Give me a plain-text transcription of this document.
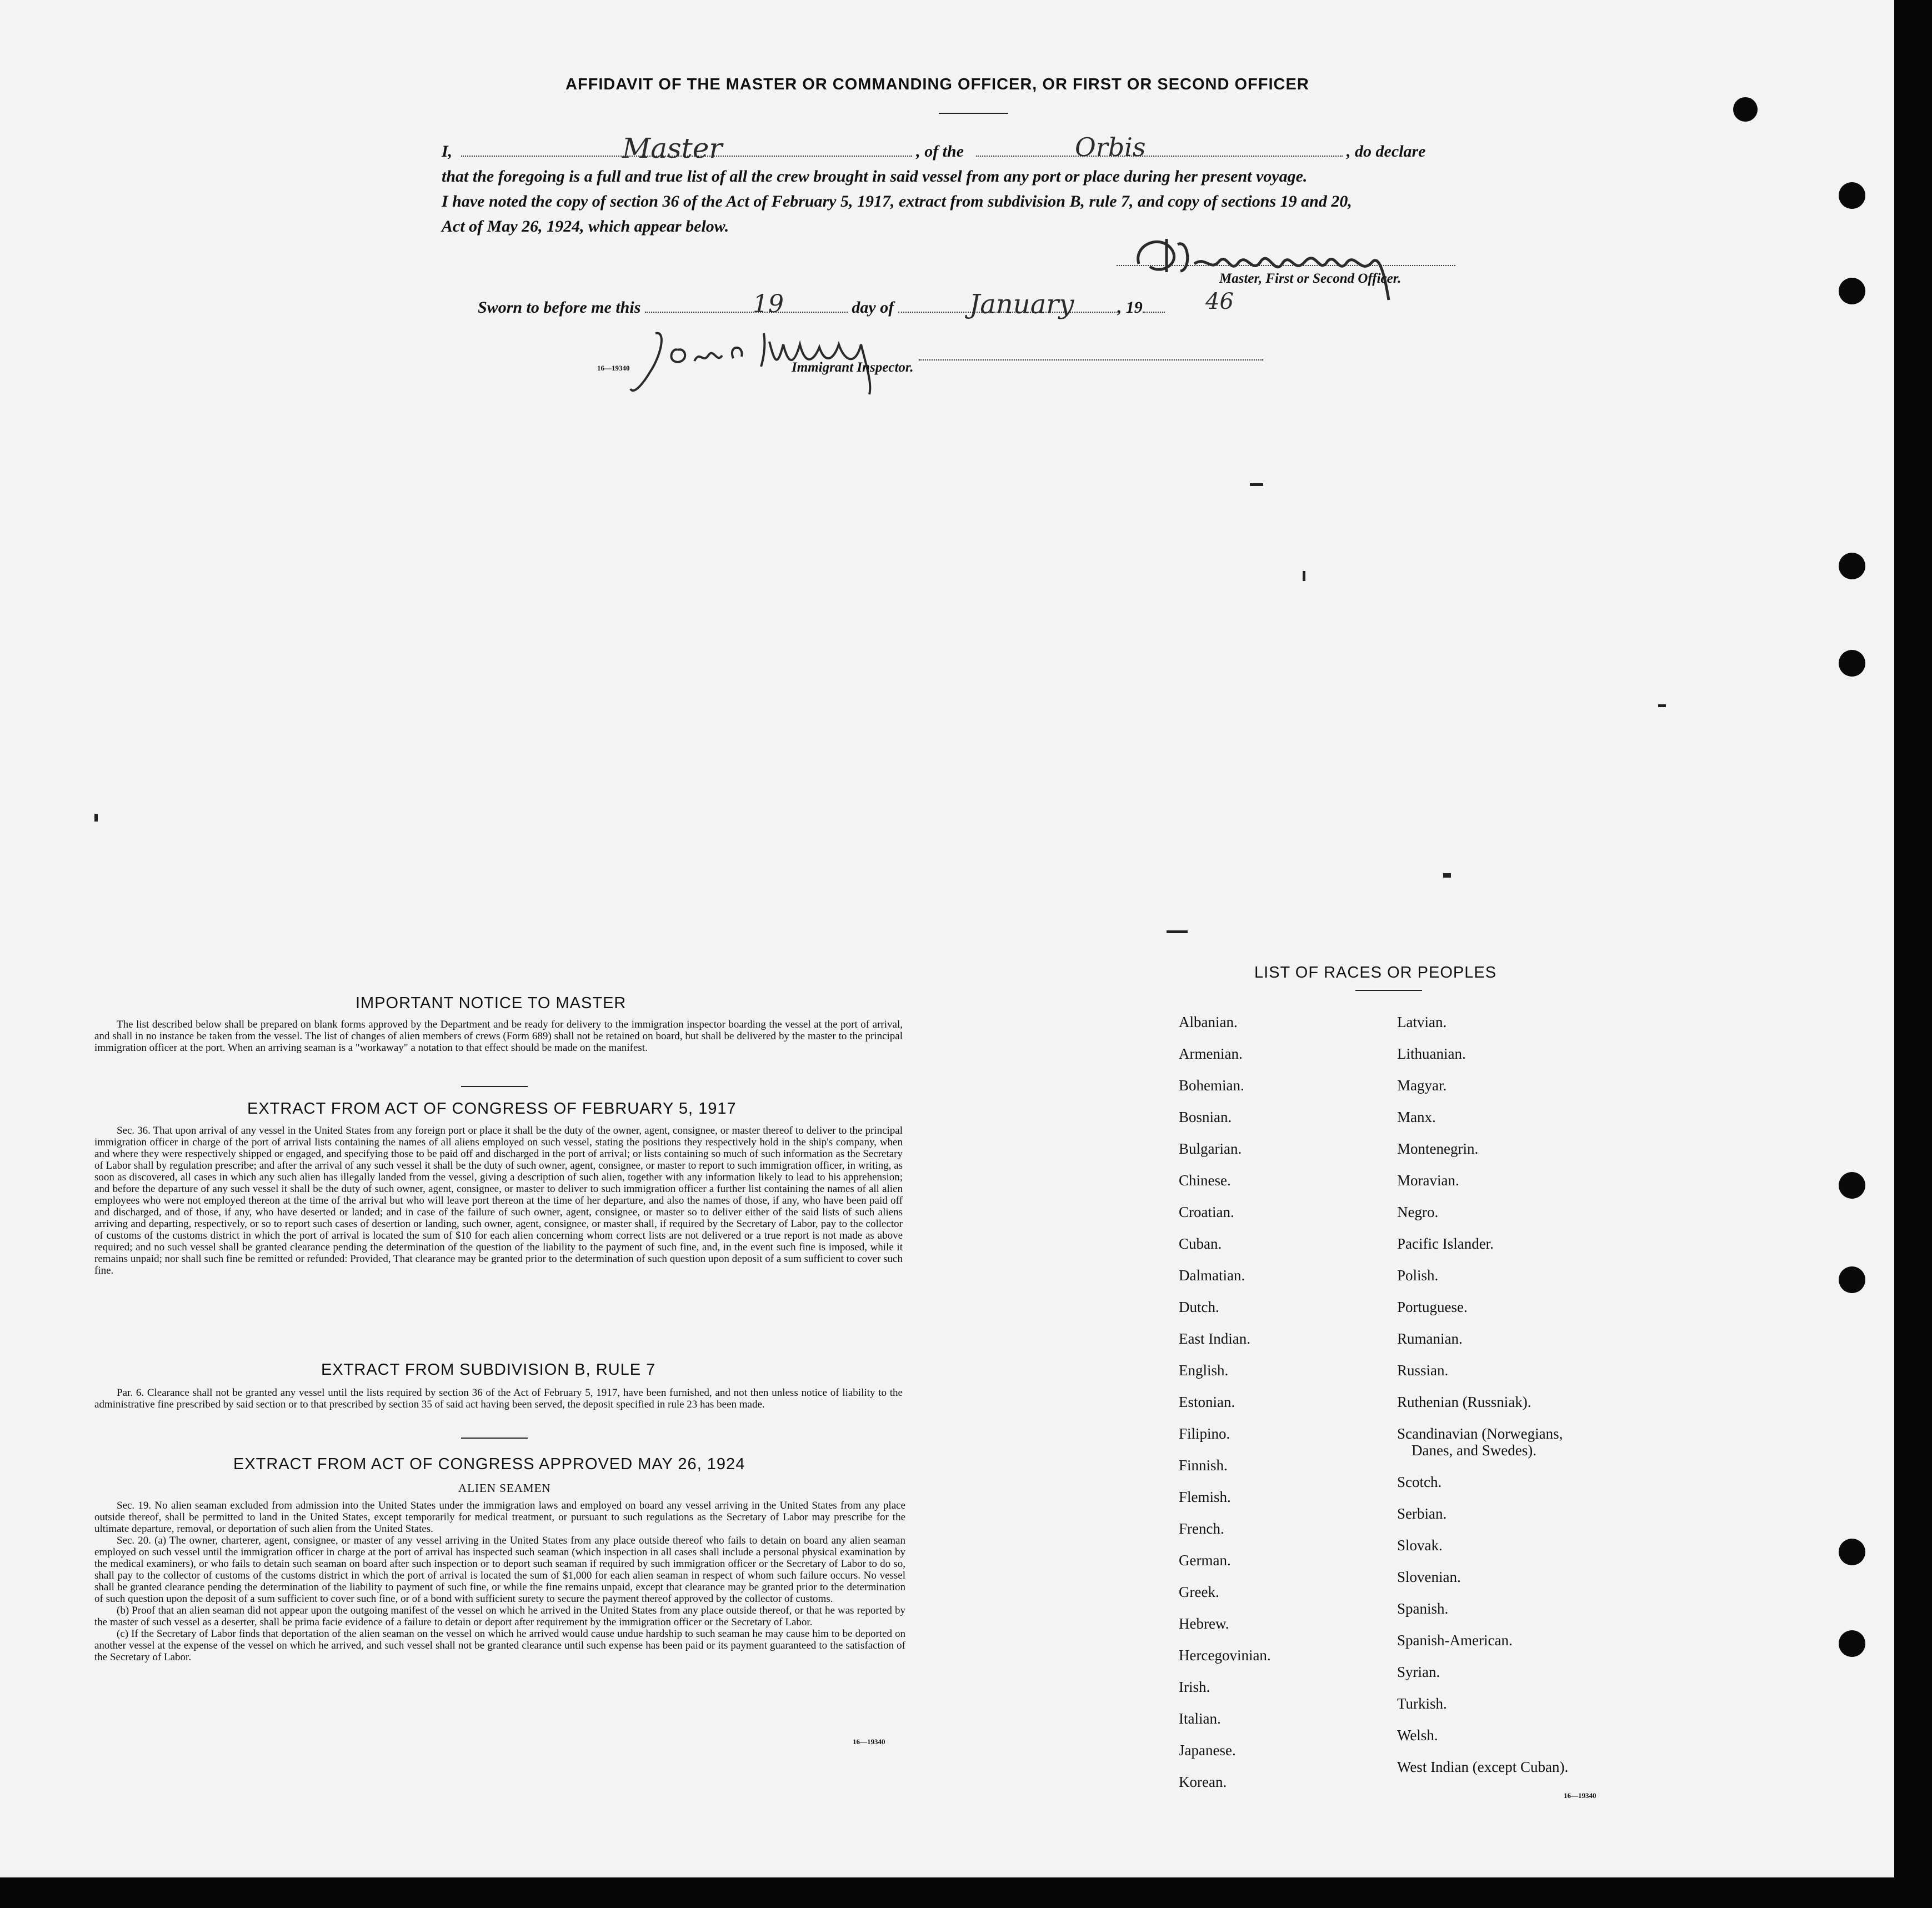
AFFIDAVIT OF THE MASTER OR COMMANDING OFFICER, OR FIRST OR SECOND OFFICER
I,	, of the	, do declare
that the foregoing is a full and true list of all the crew brought in said vessel from any port or place during her present voyage.
I have noted the copy of section 36 of the Act of February 5, 1917, extract from subdivision B, rule 7, and copy of sections 19 and 20,
Act of May 26, 1924, which appear below.
Master	Orbis

Master, First or Second Officer.
Sworn to before me this	day of	, 19
19	January	46
16—19340	Immigrant Inspector.
IMPORTANT NOTICE TO MASTER

The list described below shall be prepared on blank forms approved by the Department and be ready for delivery to the immigration inspector boarding the vessel at the port of arrival, and shall in no instance be taken from the vessel. The list of changes of alien members of crews (Form 689) shall not be retained on board, but shall be delivered by the master to the principal immigration officer at the port. When an arriving seaman is a "workaway" a notation to that effect should be made on the manifest.

EXTRACT FROM ACT OF CONGRESS OF FEBRUARY 5, 1917

Sec. 36. That upon arrival of any vessel in the United States from any foreign port or place it shall be the duty of the owner, agent, consignee, or master thereof to deliver to the principal immigration officer in charge of the port of arrival lists containing the names of all aliens employed on such vessel, stating the positions they respectively hold in the ship's company, when and where they were respectively shipped or engaged, and specifying those to be paid off and discharged in the port of arrival; or lists containing so much of such information as the Secretary of Labor shall by regulation prescribe; and after the arrival of any such vessel it shall be the duty of such owner, agent, consignee, or master to report to such immigration officer, in writing, as soon as discovered, all cases in which any such alien has illegally landed from the vessel, giving a description of such alien, together with any information likely to lead to his apprehension; and before the departure of any such vessel it shall be the duty of such owner, agent, consignee, or master to deliver to such immigration officer a further list containing the names of all alien employees who were not employed thereon at the time of the arrival but who will leave port thereon at the time of her departure, and also the names of those, if any, who have been paid off and discharged, and of those, if any, who have deserted or landed; and in case of the failure of such owner, agent, consignee, or master so to deliver either of the said lists of such aliens arriving and departing, respectively, or so to report such cases of desertion or landing, such owner, agent, consignee, or master shall, if required by the Secretary of Labor, pay to the collector of customs of the customs district in which the port of arrival is located the sum of $10 for each alien concerning whom correct lists are not delivered or a true report is not made as above required; and no such vessel shall be granted clearance pending the determination of the question of the liability to the payment of such fine, and, in the event such fine is imposed, while it remains unpaid; nor shall such fine be remitted or refunded: Provided, That clearance may be granted prior to the determination of such question upon deposit of a sum sufficient to cover such fine.

EXTRACT FROM SUBDIVISION B, RULE 7

Par. 6. Clearance shall not be granted any vessel until the lists required by section 36 of the Act of February 5, 1917, have been furnished, and not then unless notice of liability to the administrative fine prescribed by said section or to that prescribed by section 35 of said act having been served, the deposit specified in rule 23 has been made.

EXTRACT FROM ACT OF CONGRESS APPROVED MAY 26, 1924
ALIEN SEAMEN

Sec. 19. No alien seaman excluded from admission into the United States under the immigration laws and employed on board any vessel arriving in the United States from any place outside thereof, shall be permitted to land in the United States, except temporarily for medical treatment, or pursuant to such regulations as the Secretary of Labor may prescribe for the ultimate departure, removal, or deportation of such alien from the United States.

Sec. 20. (a) The owner, charterer, agent, consignee, or master of any vessel arriving in the United States from any place outside thereof who fails to detain on board any alien seaman employed on such vessel until the immigration officer in charge at the port of arrival has inspected such seaman (which inspection in all cases shall include a personal physical examination by the medical examiners), or who fails to detain such seaman on board after such inspection or to deport such seaman if required by such immigration officer or the Secretary of Labor to do so, shall pay to the collector of customs of the customs district in which the port of arrival is located the sum of $1,000 for each alien seaman in respect of whom such failure occurs. No vessel shall be granted clearance pending the determination of the liability to payment of such fine, or while the fine remains unpaid, except that clearance may be granted prior to the determination of such question upon the deposit of a sum sufficient to cover such fine, or of a bond with sufficient surety to secure the payment thereof approved by the collector of customs.

(b) Proof that an alien seaman did not appear upon the outgoing manifest of the vessel on which he arrived in the United States from any place outside thereof, or that he was reported by the master of such vessel as a deserter, shall be prima facie evidence of a failure to detain or deport after requirement by the immigration officer or the Secretary of Labor.

(c) If the Secretary of Labor finds that deportation of the alien seaman on the vessel on which he arrived would cause undue hardship to such seaman he may cause him to be deported on another vessel at the expense of the vessel on which he arrived, and such vessel shall not be granted clearance until such expense has been paid or its payment guaranteed to the satisfaction of the Secretary of Labor.

16—19340
LIST OF RACES OR PEOPLES
Albanian.
Armenian.
Bohemian.
Bosnian.
Bulgarian.
Chinese.
Croatian.
Cuban.
Dalmatian.
Dutch.
East Indian.
English.
Estonian.
Filipino.
Finnish.
Flemish.
French.
German.
Greek.
Hebrew.
Hercegovinian.
Irish.
Italian.
Japanese.
Korean.
Latvian.
Lithuanian.
Magyar.
Manx.
Montenegrin.
Moravian.
Negro.
Pacific Islander.
Polish.
Portuguese.
Rumanian.
Russian.
Ruthenian (Russniak).
Scandinavian (Norwegians,
Danes, and Swedes).
Scotch.
Serbian.
Slovak.
Slovenian.
Spanish.
Spanish-American.
Syrian.
Turkish.
Welsh.
West Indian (except Cuban).
16—19340
